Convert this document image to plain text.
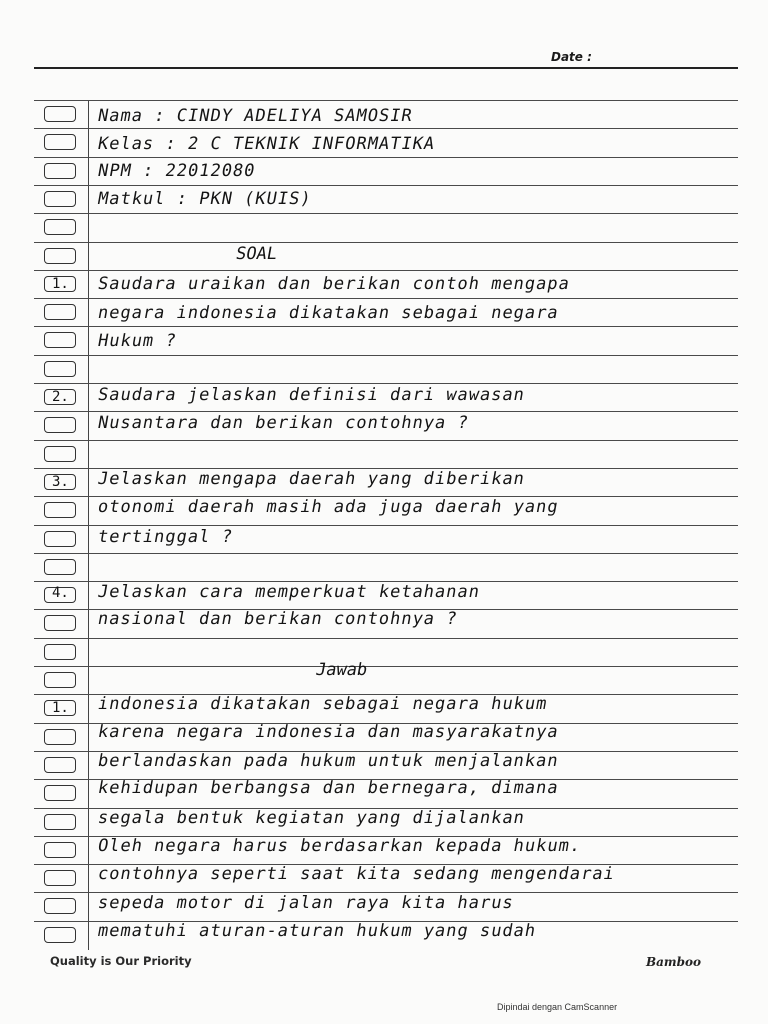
Date :
Nama : CINDY ADELIYA SAMOSIR
Kelas : 2 C TEKNIK INFORMATIKA
NPM : 22012080
Matkul : PKN (KUIS)
SOAL
1. Saudara uraikan dan berikan contoh mengapa
negara indonesia dikatakan sebagai negara
Hukum ?
2. Saudara jelaskan definisi dari wawasan
Nusantara dan berikan contohnya ?
3. Jelaskan mengapa daerah yang diberikan
otonomi daerah masih ada juga daerah yang
tertinggal ?
4. Jelaskan cara memperkuat ketahanan
nasional dan berikan contohnya ?
Jawab
1. indonesia dikatakan sebagai negara hukum
karena negara indonesia dan masyarakatnya
berlandaskan pada hukum untuk menjalankan
kehidupan berbangsa dan bernegara, dimana
segala bentuk kegiatan yang dijalankan
Oleh negara harus berdasarkan kepada hukum.
contohnya seperti saat kita sedang mengendarai
sepeda motor di jalan raya kita harus
mematuhi aturan-aturan hukum yang sudah
Quality is Our Priority	Bamboo
Dipindai dengan CamScanner
